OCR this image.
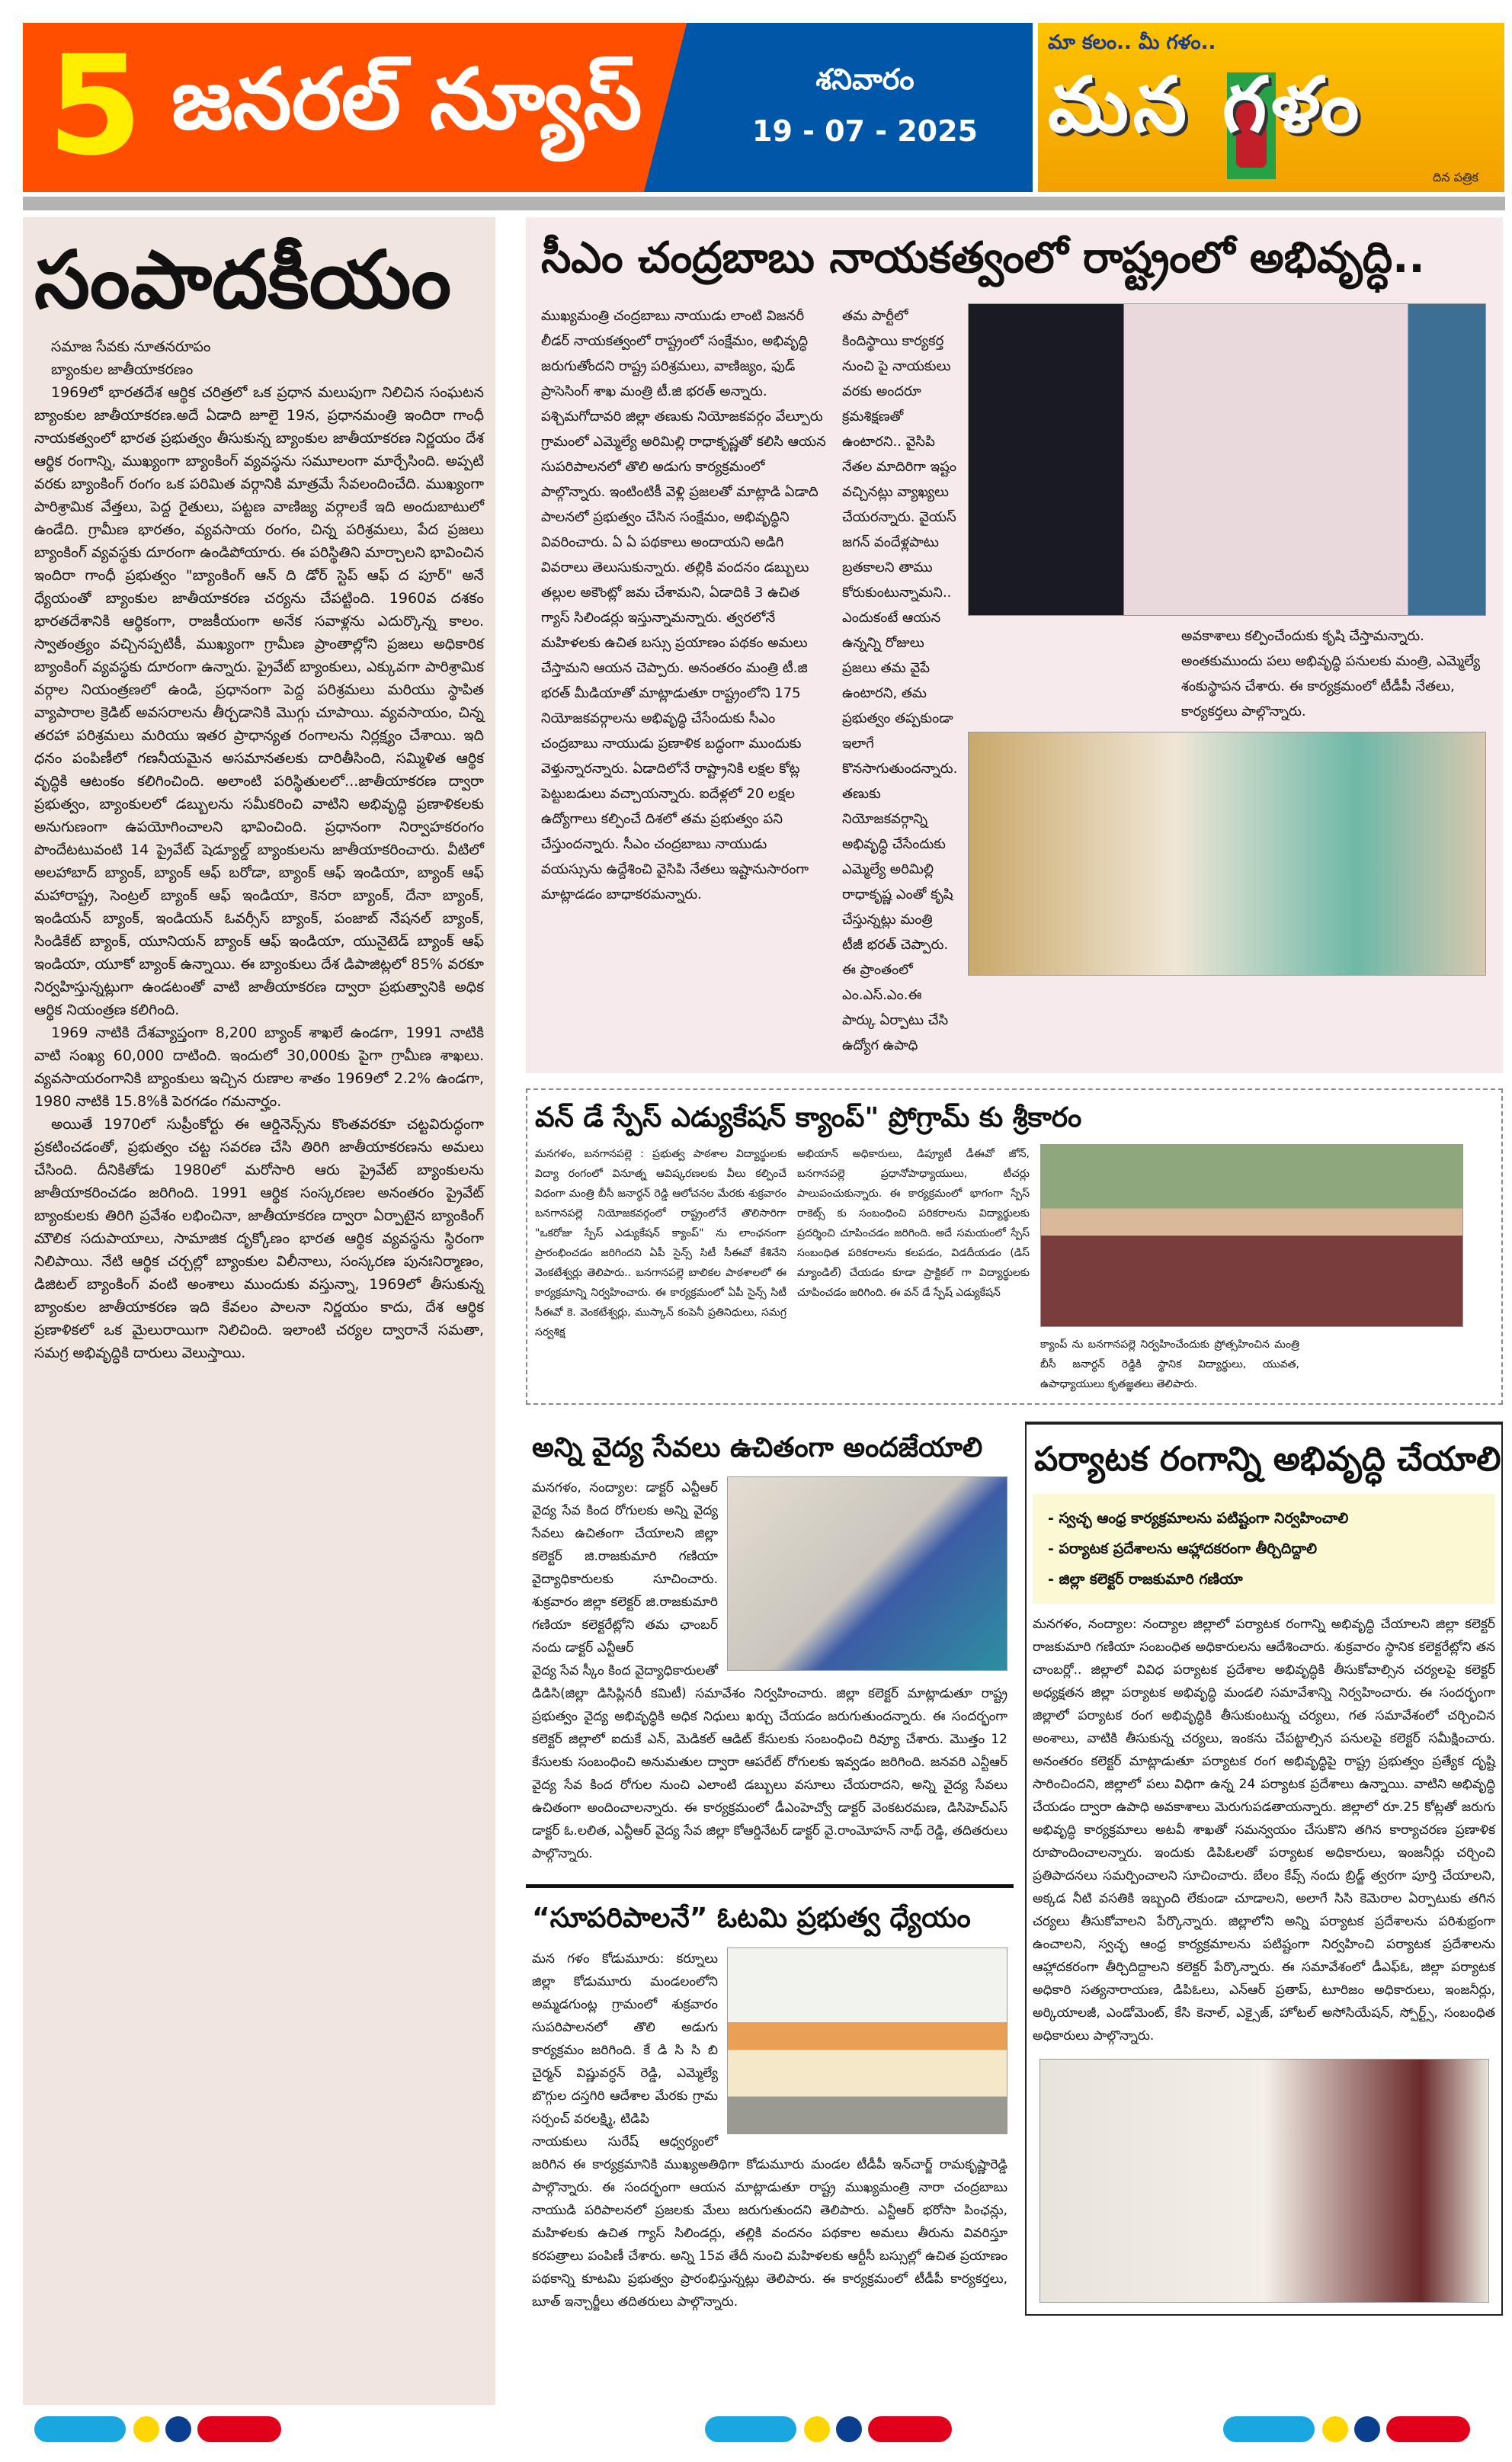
5 జనరల్ న్యూస్	శనివారం
19 - 07 - 2025
మా కలం.. మీ గళం..
మన గళం
దిన పత్రిక
సంపాదకీయం
సమాజ సేవకు నూతనరూపం
బ్యాంకుల జాతీయాకరణం

1969లో భారతదేశ ఆర్థిక చరిత్రలో ఒక ప్రధాన మలుపుగా నిలిచిన సంఘటన బ్యాంకుల జాతీయాకరణ.అదే ఏడాది జూలై 19న, ప్రధానమంత్రి ఇందిరా గాంధీ నాయకత్వంలో భారత ప్రభుత్వం తీసుకున్న బ్యాంకుల జాతీయాకరణ నిర్ణయం దేశ ఆర్థిక రంగాన్ని, ముఖ్యంగా బ్యాంకింగ్ వ్యవస్థను సమూలంగా మార్చేసింది. అప్పటి వరకు బ్యాంకింగ్ రంగం ఒక పరిమిత వర్గానికి మాత్రమే సేవలందించేది. ముఖ్యంగా పారిశ్రామిక వేత్తలు, పెద్ద రైతులు, పట్టణ వాణిజ్య వర్గాలకే ఇది అందుబాటులో ఉండేది. గ్రామీణ భారతం, వ్యవసాయ రంగం, చిన్న పరిశ్రమలు, పేద ప్రజలు బ్యాంకింగ్ వ్యవస్థకు దూరంగా ఉండిపోయారు. ఈ పరిస్థితిని మార్చాలని భావించిన ఇందిరా గాంధీ ప్రభుత్వం "బ్యాంకింగ్ ఆన్ ది డోర్ స్టెప్ ఆఫ్ ద పూర్" అనే ధ్యేయంతో బ్యాంకుల జాతీయాకరణ చర్యను చేపట్టింది. 1960వ దశకం భారతదేశానికి ఆర్థికంగా, రాజకీయంగా అనేక సవాళ్లను ఎదుర్కొన్న కాలం. స్వాతంత్ర్యం వచ్చినప్పటికీ, ముఖ్యంగా గ్రామీణ ప్రాంతాల్లోని ప్రజలు అధికారిక బ్యాంకింగ్ వ్యవస్థకు దూరంగా ఉన్నారు. ప్రైవేట్ బ్యాంకులు, ఎక్కువగా పారిశ్రామిక వర్గాల నియంత్రణలో ఉండి, ప్రధానంగా పెద్ద పరిశ్రమలు మరియు స్థాపిత వ్యాపారాల క్రెడిట్ అవసరాలను తీర్చడానికి మొగ్గు చూపాయి. వ్యవసాయం, చిన్న తరహా పరిశ్రమలు మరియు ఇతర ప్రాధాన్యత రంగాలను నిర్లక్ష్యం చేశాయి. ఇది ధనం పంపిణీలో గణనీయమైన అసమానతలకు దారితీసింది, సమ్మిళిత ఆర్థిక వృద్ధికి ఆటంకం కలిగించింది. అలాంటి పరిస్థితులలో...జాతీయాకరణ ద్వారా ప్రభుత్వం, బ్యాంకులలో డబ్బులను సమీకరించి వాటిని అభివృద్ధి ప్రణాళికలకు అనుగుణంగా ఉపయోగించాలని భావించింది. ప్రధానంగా నిర్వాహకరంగం పొందేటటువంటి 14 ప్రైవేట్ షెడ్యూల్డ్ బ్యాంకులను జాతీయాకరించారు. వీటిలో అలహాబాద్ బ్యాంక్, బ్యాంక్ ఆఫ్ బరోడా, బ్యాంక్ ఆఫ్ ఇండియా, బ్యాంక్ ఆఫ్ మహారాష్ట్ర, సెంట్రల్ బ్యాంక్ ఆఫ్ ఇండియా, కెనరా బ్యాంక్, దేనా బ్యాంక్, ఇండియన్ బ్యాంక్, ఇండియన్ ఓవర్సీస్ బ్యాంక్, పంజాబ్ నేషనల్ బ్యాంక్, సిండికేట్ బ్యాంక్, యూనియన్ బ్యాంక్ ఆఫ్ ఇండియా, యునైటెడ్ బ్యాంక్ ఆఫ్ ఇండియా, యూకో బ్యాంక్ ఉన్నాయి. ఈ బ్యాంకులు దేశ డిపాజిట్లలో 85% వరకూ నిర్వహిస్తున్నట్లుగా ఉండటంతో వాటి జాతీయాకరణ ద్వారా ప్రభుత్వానికి అధిక ఆర్థిక నియంత్రణ కలిగింది.

1969 నాటికి దేశవ్యాప్తంగా 8,200 బ్యాంక్ శాఖలే ఉండగా, 1991 నాటికి వాటి సంఖ్య 60,000 దాటింది. ఇందులో 30,000కు పైగా గ్రామీణ శాఖలు. వ్యవసాయరంగానికి బ్యాంకులు ఇచ్చిన రుణాల శాతం 1969లో 2.2% ఉండగా, 1980 నాటికి 15.8%కి పెరగడం గమనార్హం.

అయితే 1970లో సుప్రీంకోర్టు ఈ ఆర్డినెన్స్‌ను కొంతవరకూ చట్టవిరుద్ధంగా ప్రకటించడంతో, ప్రభుత్వం చట్ట సవరణ చేసి తిరిగి జాతీయాకరణను అమలు చేసింది. దీనికితోడు 1980లో మరోసారి ఆరు ప్రైవేట్ బ్యాంకులను జాతీయాకరించడం జరిగింది. 1991 ఆర్థిక సంస్కరణల అనంతరం ప్రైవేట్ బ్యాంకులకు తిరిగి ప్రవేశం లభించినా, జాతీయాకరణ ద్వారా ఏర్పాటైన బ్యాంకింగ్ మౌలిక సదుపాయాలు, సామాజిక దృక్కోణం భారత ఆర్థిక వ్యవస్థను స్థిరంగా నిలిపాయి. నేటి ఆర్థిక చర్చల్లో బ్యాంకుల విలీనాలు, సంస్కరణ పునఃనిర్మాణం, డిజిటల్ బ్యాంకింగ్ వంటి అంశాలు ముందుకు వస్తున్నా, 1969లో తీసుకున్న బ్యాంకుల జాతీయాకరణ ఇది కేవలం పాలనా నిర్ణయం కాదు, దేశ ఆర్థిక ప్రణాళికలో ఒక మైలురాయిగా నిలిచింది. ఇలాంటి చర్యల ద్వారానే సమతా, సమగ్ర అభివృద్ధికి దారులు వెలుస్తాయి.

సీఎం చంద్రబాబు నాయకత్వంలో రాష్ట్రంలో అభివృద్ధి..
ముఖ్యమంత్రి చంద్రబాబు నాయుడు లాంటి విజనరీ లీడర్ నాయకత్వంలో రాష్ట్రంలో సంక్షేమం, అభివృద్ధి జరుగుతోందని రాష్ట్ర పరిశ్రమలు, వాణిజ్యం, ఫుడ్ ప్రాసెసింగ్ శాఖ మంత్రి టీ.జి భరత్ అన్నారు. పశ్చిమగోదావరి జిల్లా తణుకు నియోజకవర్గం వేల్పూరు గ్రామంలో ఎమ్మెల్యే అరిమిల్లి రాధాకృష్ణతో కలిసి ఆయన సుపరిపాలనలో తొలి అడుగు కార్యక్రమంలో పాల్గొన్నారు. ఇంటింటికీ వెళ్లి ప్రజలతో మాట్లాడి ఏడాది పాలనలో ప్రభుత్వం చేసిన సంక్షేమం, అభివృద్ధిని వివరించారు. ఏ ఏ పథకాలు అందాయని అడిగి వివరాలు తెలుసుకున్నారు. తల్లికి వందనం డబ్బులు తల్లుల అకౌంట్లో జమ చేశామని, ఏడాదికి 3 ఉచిత గ్యాస్ సిలిండర్లు ఇస్తున్నామన్నారు. త్వరలోనే మహిళలకు ఉచిత బస్సు ప్రయాణం పథకం అమలు చేస్తామని ఆయన చెప్పారు. అనంతరం మంత్రి టీ.జి భరత్ మీడియాతో మాట్లాడుతూ రాష్ట్రంలోని 175 నియోజకవర్గాలను అభివృద్ధి చేసేందుకు సీఎం చంద్రబాబు నాయుడు ప్రణాళిక బద్ధంగా ముందుకు వెళ్తున్నారన్నారు. ఏడాదిలోనే రాష్ట్రానికి లక్షల కోట్ల పెట్టుబడులు వచ్చాయన్నారు. ఐదేళ్లలో 20 లక్షల ఉద్యోగాలు కల్పించే దిశలో తమ ప్రభుత్వం పని చేస్తుందన్నారు. సీఎం చంద్రబాబు నాయుడు వయస్సును ఉద్దేశించి వైసిపి నేతలు ఇష్టానుసారంగా మాట్లాడడం బాధాకరమన్నారు.
తమ పార్టీలో కిందిస్థాయి కార్యకర్త నుంచి పై నాయకులు వరకు అందరూ క్రమశిక్షణతో ఉంటారని.. వైసిపి నేతల మాదిరిగా ఇష్టం వచ్చినట్లు వ్యాఖ్యలు చేయరన్నారు. వైయస్ జగన్ వందేళ్లపాటు బ్రతకాలని తాము కోరుకుంటున్నామని.. ఎందుకంటే ఆయన ఉన్నన్ని రోజులు ప్రజలు తమ వైపే ఉంటారని, తమ ప్రభుత్వం తప్పకుండా ఇలాగే కొనసాగుతుందన్నారు. తణుకు నియోజకవర్గాన్ని అభివృద్ధి చేసేందుకు ఎమ్మెల్యే అరిమిల్లి రాధాకృష్ణ ఎంతో కృషి చేస్తున్నట్లు మంత్రి టీజీ భరత్ చెప్పారు. ఈ ప్రాంతంలో ఎం.ఎస్.ఎం.ఈ పార్కు ఏర్పాటు చేసి ఉద్యోగ ఉపాధి
అవకాశాలు కల్పించేందుకు కృషి చేస్తామన్నారు. అంతకుముందు పలు అభివృద్ధి పనులకు మంత్రి, ఎమ్మెల్యే శంకుస్థాపన చేశారు. ఈ కార్యక్రమంలో టీడీపీ నేతలు, కార్యకర్తలు పాల్గొన్నారు.
వన్ డే స్పేస్ ఎడ్యుకేషన్ క్యాంప్" ప్రోగ్రామ్ కు శ్రీకారం
మనగళం, బనగానపల్లె : ప్రభుత్వ పాఠశాల విద్యార్థులకు విద్యా రంగంలో వినూత్న ఆవిష్కరణలకు వీలు కల్పించే విధంగా మంత్రి బీసీ జనార్థన్ రెడ్డి ఆలోచనల మేరకు శుక్రవారం బనగానపల్లె నియోజకవర్గంలో రాష్ట్రంలోనే తొలిసారిగా "ఒకరోజు స్పేస్ ఎడ్యుకేషన్ క్యాంప్" ను లాంఛనంగా ప్రారంభించడం జరిగిందని ఏపీ సైన్స్ సిటీ సీఈవో కేశినేని వెంకటేశ్వర్లు తెలిపారు.. బనగానపల్లె బాలికల పాఠశాలలో ఈ కార్యక్రమాన్ని నిర్వహించారు. ఈ కార్యక్రమంలో ఏపీ సైన్స్ సిటీ సీఈవో కె. వెంకటేశ్వర్లు, ముస్కాన్ కంపెనీ ప్రతినిధులు, సమగ్ర సర్వశిక్ష
అభియాన్ అధికారులు, డిప్యూటీ డీఈవో జోన్, బనగానపల్లె ప్రధానోపాధ్యాయులు, టీచర్లు పాలుపంచుకున్నారు. ఈ కార్యక్రమంలో భాగంగా స్పేస్ రాకెట్స్ కు సంబంధించి పరికరాలను విద్యార్థులకు ప్రదర్శించి చూపించడం జరిగింది. అదే సమయంలో స్పేస్ సంబంధిత పరికరాలను కలపడం, విడదీయడం (డిస్ మ్యాండిల్) చేయడం కూడా ప్రాక్టికల్ గా విద్యార్థులకు చూపించడం జరిగింది. ఈ వన్ డే స్పేష్ ఎడ్యుకేషన్
క్యాంప్ ను బనగానపల్లె నిర్వహించేందుకు ప్రోత్సహించిన మంత్రి బీసీ జనార్ధన్ రెడ్డికి స్థానిక విద్యార్థులు, యువత, ఉపాధ్యాయులు కృతజ్ఞతలు తెలిపారు.
అన్ని వైద్య సేవలు ఉచితంగా అందజేయాలి
మనగళం, నంద్యాల: డాక్టర్ ఎన్టీఆర్ వైద్య సేవ కింద రోగులకు అన్ని వైద్య సేవలు ఉచితంగా చేయాలని జిల్లా కలెక్టర్ జి.రాజకుమారి గణియా వైద్యాధికారులకు సూచించారు. శుక్రవారం జిల్లా కలెక్టర్ జి.రాజకుమారి గణియా కలెక్టరేట్లోని తమ ఛాంబర్ నందు డాక్టర్ ఎన్టీఆర్
వైద్య సేవ స్కీం కింద వైద్యాధికారులతో డిడిసి(జిల్లా డిసిప్లినరీ కమిటీ) సమావేశం నిర్వహించారు. జిల్లా కలెక్టర్ మాట్లాడుతూ రాష్ట్ర ప్రభుత్వం వైద్య అభివృద్ధికి అధిక నిధులు ఖర్చు చేయడం జరుగుతుందన్నారు. ఈ సందర్భంగా కలెక్టర్ జిల్లాలో ఐదుకే ఎన్, మెడికల్ ఆడిట్ కేసులకు సంబంధించి రివ్యూ చేశారు. మొత్తం 12 కేసులకు సంబంధించి అనుమతుల ద్వారా ఆపరేట్ రోగులకు ఇవ్వడం జరిగింది. జనవరి ఎన్టీఆర్ వైద్య సేవ కింద రోగుల నుంచి ఎలాంటి డబ్బులు వసూలు చేయరాదని, అన్ని వైద్య సేవలు ఉచితంగా అందించాలన్నారు. ఈ కార్యక్రమంలో డీఎంహెచ్వో డాక్టర్ వెంకటరమణ, డిసిహెచ్ఎస్ డాక్టర్ ఓ.లలిత, ఎన్టీఆర్ వైద్య సేవ జిల్లా కోఆర్డినేటర్ డాక్టర్ వై.రాంమోహన్ నాథ్ రెడ్డి, తదితరులు పాల్గొన్నారు.
“సూపరిపాలనే” ఓటమి ప్రభుత్వ ధ్యేయం
మన గళం కోడుమూరు: కర్నూలు జిల్లా కోడుమూరు మండలంలోని అమ్మడగుంట్ల గ్రామంలో శుక్రవారం సుపరిపాలనలో తొలి అడుగు కార్యక్రమం జరిగింది. కే డి సి సి బి చైర్మన్ విష్ణువర్ధన్ రెడ్డి, ఎమ్మెల్యే బొగ్గుల దస్తగిరి ఆదేశాల మేరకు గ్రామ సర్పంచ్ వరలక్ష్మి, టిడిపి
నాయకులు సురేష్ ఆధ్వర్యంలో జరిగిన ఈ కార్యక్రమానికి ముఖ్యఅతిథిగా కోడుమూరు మండల టీడీపీ ఇన్‌చార్జ్ రామకృష్ణారెడ్డి పాల్గొన్నారు. ఈ సందర్భంగా ఆయన మాట్లాడుతూ రాష్ట్ర ముఖ్యమంత్రి నారా చంద్రబాబు నాయుడి పరిపాలనలో ప్రజలకు మేలు జరుగుతుందని తెలిపారు. ఎన్టీఆర్ భరోసా పింఛన్లు, మహిళలకు ఉచిత గ్యాస్ సిలిండర్లు, తల్లికి వందనం పథకాల అమలు తీరును వివరిస్తూ కరపత్రాలు పంపిణీ చేశారు. అన్ని 15వ తేదీ నుంచి మహిళలకు ఆర్టీసీ బస్సుల్లో ఉచిత ప్రయాణం పథకాన్ని కూటమి ప్రభుత్వం ప్రారంభిస్తున్నట్లు తెలిపారు. ఈ కార్యక్రమంలో టీడీపీ కార్యకర్తలు, బూత్ ఇన్చార్జీలు తదితరులు పాల్గొన్నారు.
పర్యాటక రంగాన్ని అభివృద్ధి చేయాలి
- స్వచ్ఛ ఆంధ్ర కార్యక్రమాలను పటిష్టంగా నిర్వహించాలి
- పర్యాటక ప్రదేశాలను ఆహ్లాదకరంగా తీర్చిదిద్దాలి
- జిల్లా కలెక్టర్ రాజకుమారి గణియా
మనగళం, నంద్యాల: నంద్యాల జిల్లాలో పర్యాటక రంగాన్ని అభివృద్ధి చేయాలని జిల్లా కలెక్టర్ రాజకుమారి గణియా సంబంధిత అధికారులను ఆదేశించారు. శుక్రవారం స్థానిక కలెక్టరేట్లోని తన చాంబర్లో.. జిల్లాలో వివిధ పర్యాటక ప్రదేశాల అభివృద్ధికి తీసుకోవాల్సిన చర్యలపై కలెక్టర్ అధ్యక్షతన జిల్లా పర్యాటక అభివృద్ధి మండలి సమావేశాన్ని నిర్వహించారు. ఈ సందర్భంగా జిల్లాలో పర్యాటక రంగ అభివృద్ధికి తీసుకుంటున్న చర్యలు, గత సమావేశంలో చర్చించిన అంశాలు, వాటికి తీసుకున్న చర్యలు, ఇంకను చేపట్టాల్సిన పనులపై కలెక్టర్ సమీక్షించారు. అనంతరం కలెక్టర్ మాట్లాడుతూ పర్యాటక రంగ అభివృద్ధిపై రాష్ట్ర ప్రభుత్వం ప్రత్యేక దృష్టి సారించిందని, జిల్లాలో పలు విధిగా ఉన్న 24 పర్యాటక ప్రదేశాలు ఉన్నాయి. వాటిని అభివృద్ధి చేయడం ద్వారా ఉపాధి అవకాశాలు మెరుగుపడతాయన్నారు. జిల్లాలో రూ.25 కోట్లతో జరుగు అభివృద్ధి కార్యక్రమాలు అటవీ శాఖతో సమన్వయం చేసుకొని తగిన కార్యాచరణ ప్రణాళిక రూపొందించాలన్నారు. ఇందుకు డిపిఓలతో పర్యాటక అధికారులు, ఇంజనీర్లు చర్చించి ప్రతిపాదనలు సమర్పించాలని సూచించారు. బేలం కేవ్స్ నందు బ్రిడ్జ్ త్వరగా పూర్తి చేయాలని, అక్కడ నీటి వసతికి ఇబ్బంది లేకుండా చూడాలని, అలాగే సిసి కెమెరాల ఏర్పాటుకు తగిన చర్యలు తీసుకోవాలని పేర్కొన్నారు. జిల్లాలోని అన్ని పర్యాటక ప్రదేశాలను పరిశుభ్రంగా ఉంచాలని, స్వచ్ఛ ఆంధ్ర కార్యక్రమాలను పటిష్టంగా నిర్వహించి పర్యాటక ప్రదేశాలను ఆహ్లాదకరంగా తీర్చిదిద్దాలని కలెక్టర్ పేర్కొన్నారు. ఈ సమావేశంలో డీఎఫ్ఓ, జిల్లా పర్యాటక అధికారి సత్యనారాయణ, డిపిఓలు, ఎన్ఆర్ ప్రతాప్, టూరిజం అధికారులు, ఇంజనీర్లు, అర్కియాలజీ, ఎండోమెంట్, కేసి కెనాల్, ఎక్సైజ్, హోటల్ అసోసియేషన్, స్పోర్ట్స్, సంబంధిత అధికారులు పాల్గొన్నారు.
